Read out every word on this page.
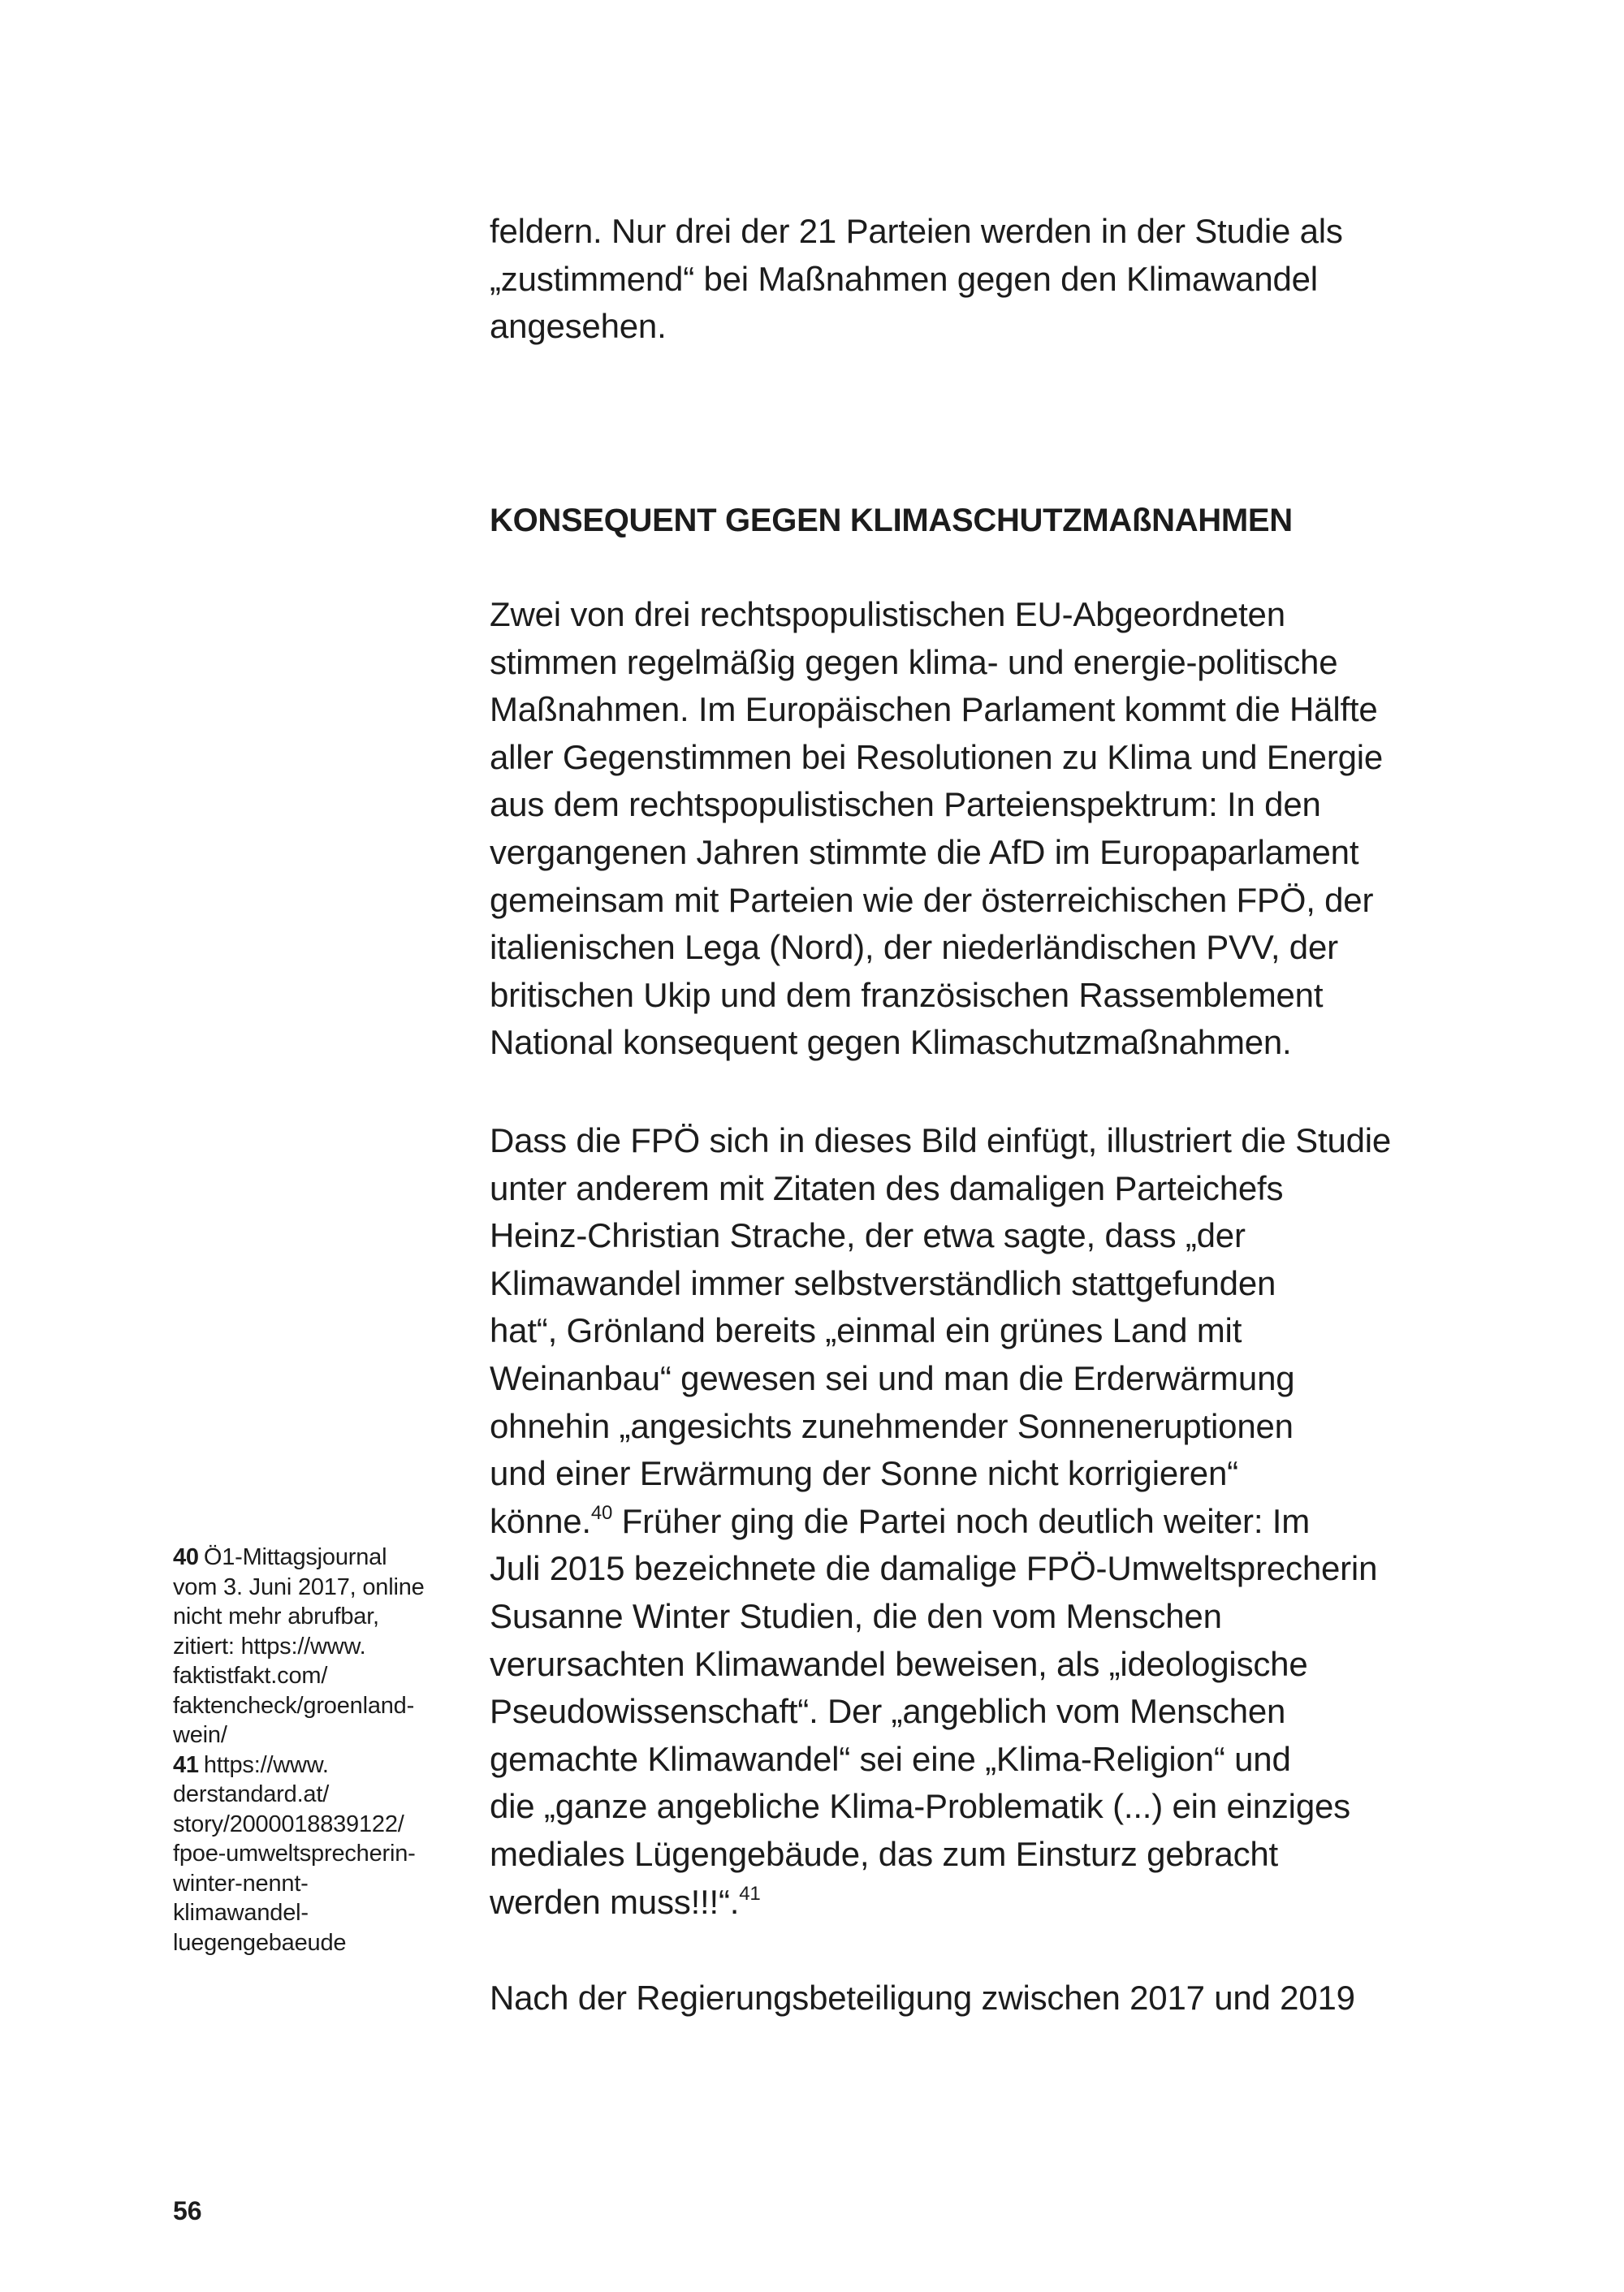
feldern. Nur drei der 21 Parteien werden in der Studie als
„zustimmend“ bei Maßnahmen gegen den Klimawandel
angesehen.
KONSEQUENT GEGEN KLIMASCHUTZMAßNAHMEN
Zwei von drei rechtspopulistischen EU-Abgeordneten
stimmen regelmäßig gegen klima- und energie-politische
Maßnahmen. Im Europäischen Parlament kommt die Hälfte
aller Gegenstimmen bei Resolutionen zu Klima und Energie
aus dem rechtspopulistischen Parteienspektrum: In den
vergangenen Jahren stimmte die AfD im Europaparlament
gemeinsam mit Parteien wie der österreichischen FPÖ, der
italienischen Lega (Nord), der niederländischen PVV, der
britischen Ukip und dem französischen Rassemblement
National konsequent gegen Klimaschutzmaßnahmen.
Dass die FPÖ sich in dieses Bild einfügt, illustriert die Studie
unter anderem mit Zitaten des damaligen Parteichefs
Heinz-Christian Strache, der etwa sagte, dass „der
Klimawandel immer selbstverständlich stattgefunden
hat“, Grönland bereits „einmal ein grünes Land mit
Weinanbau“ gewesen sei und man die Erderwärmung
ohnehin „angesichts zunehmender Sonneneruptionen
und einer Erwärmung der Sonne nicht korrigieren“
könne.$^{40}$ Früher ging die Partei noch deutlich weiter: Im
Juli 2015 bezeichnete die damalige FPÖ-Umweltsprecherin
Susanne Winter Studien, die den vom Menschen
verursachten Klimawandel beweisen, als „ideologische
Pseudowissenschaft“. Der „angeblich vom Menschen
gemachte Klimawandel“ sei eine „Klima-Religion“ und
die „ganze angebliche Klima-Problematik (...) ein einziges
mediales Lügengebäude, das zum Einsturz gebracht
werden muss!!!“.$^{41}$
Nach der Regierungsbeteiligung zwischen 2017 und 2019
40 Ö1-Mittagsjournal
vom 3. Juni 2017, online
nicht mehr abrufbar,
zitiert: https://www.
faktistfakt.com/
faktencheck/groenland-
wein/
41 https://www.
derstandard.at/
story/2000018839122/
fpoe-umweltsprecherin-
winter-nennt-
klimawandel-
luegengebaeude
56
